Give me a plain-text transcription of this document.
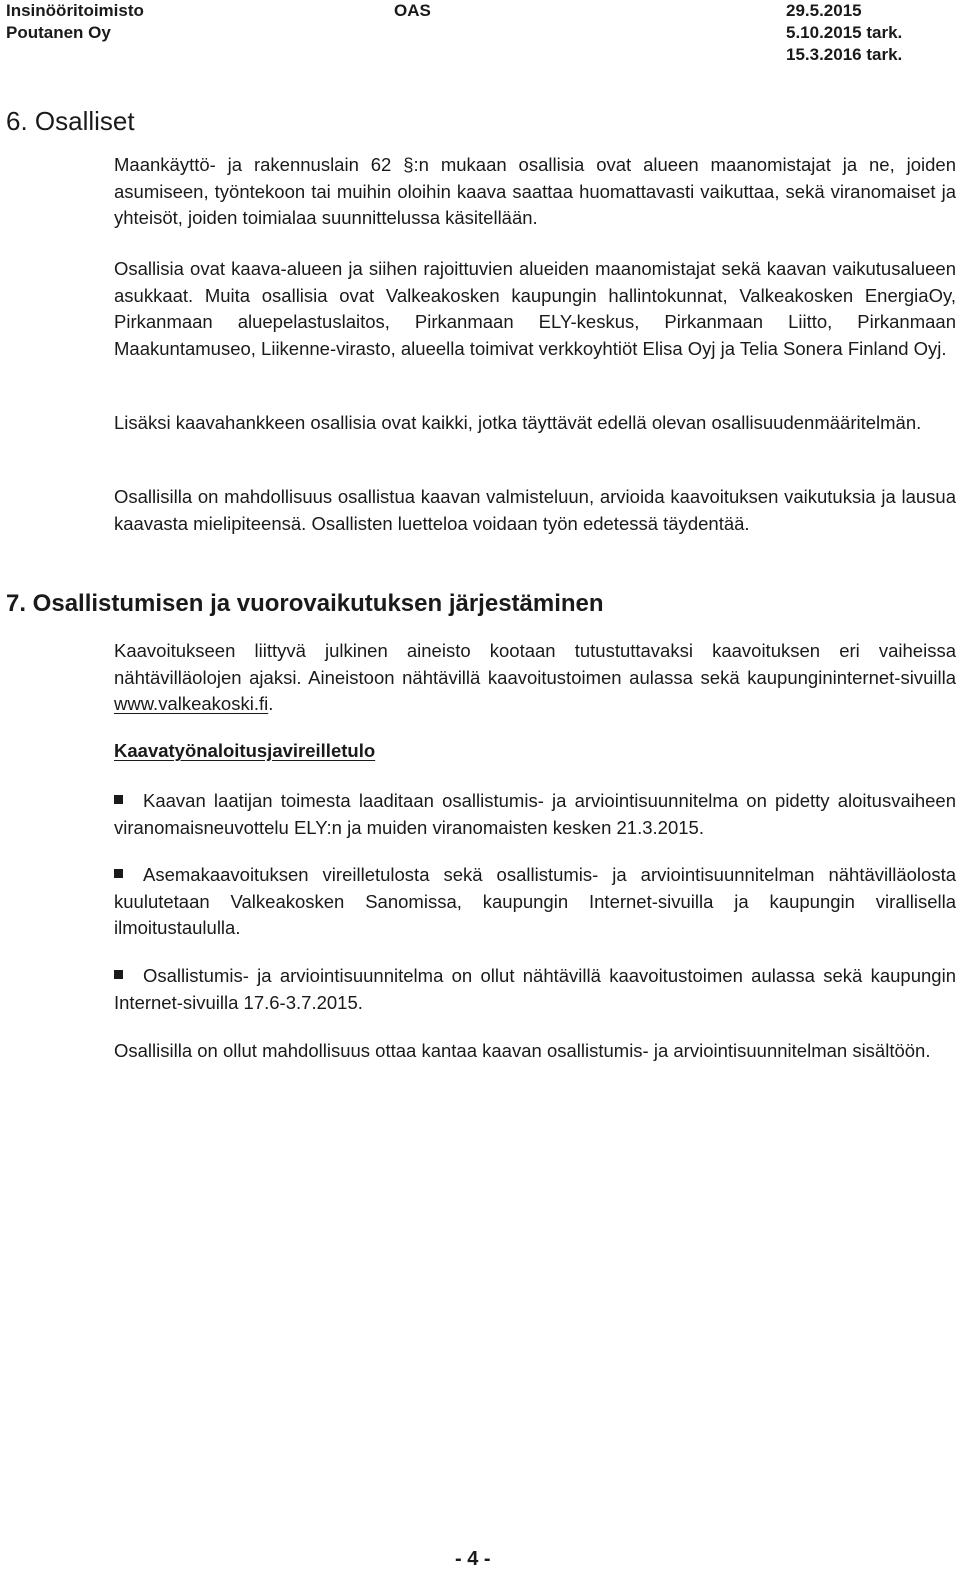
Insinööritoimisto
Poutanen Oy
OAS	29.5.2015
5.10.2015 tark.
15.3.2016 tark.
6. Osalliset

Maankäyttö- ja rakennuslain 62 §:n mukaan osallisia ovat alueen maanomistajat ja ne, joiden asumiseen, työntekoon tai muihin oloihin kaava saattaa huomattavasti vaikuttaa, sekä viranomaiset ja yhteisöt, joiden toimialaa suunnittelussa käsitellään.

Osallisia ovat kaava-alueen ja siihen rajoittuvien alueiden maanomistajat sekä kaavan vaikutusalueen asukkaat. Muita osallisia ovat Valkeakosken kaupungin hallintokunnat, Valkeakosken EnergiaOy, Pirkanmaan aluepelastuslaitos, Pirkanmaan ELY-keskus, Pirkanmaan Liitto, Pirkanmaan Maakuntamuseo, Liikenne-virasto, alueella toimivat verkkoyhtiöt Elisa Oyj ja Telia Sonera Finland Oyj.

Lisäksi kaavahankkeen osallisia ovat kaikki, jotka täyttävät edellä olevan osallisuudenmääritelmän.

Osallisilla on mahdollisuus osallistua kaavan valmisteluun, arvioida kaavoituksen vaikutuksia ja lausua kaavasta mielipiteensä. Osallisten luetteloa voidaan työn edetessä täydentää.

7. Osallistumisen ja vuorovaikutuksen järjestäminen

Kaavoitukseen liittyvä julkinen aineisto kootaan tutustuttavaksi kaavoituksen eri vaiheissa nähtävilläolojen ajaksi. Aineistoon nähtävillä kaavoitustoimen aulassa sekä kaupungininternet-sivuilla www.valkeakoski.fi.

Kaavatyönaloitusjavireilletulo

Kaavan laatijan toimesta laaditaan osallistumis- ja arviointisuunnitelma on pidetty aloitusvaiheen viranomaisneuvottelu ELY:n ja muiden viranomaisten kesken 21.3.2015.

Asemakaavoituksen vireilletulosta sekä osallistumis- ja arviointisuunnitelman nähtävilläolosta kuulutetaan Valkeakosken Sanomissa, kaupungin Internet-sivuilla ja kaupungin virallisella ilmoitustaululla.

Osallistumis- ja arviointisuunnitelma on ollut nähtävillä kaavoitustoimen aulassa sekä kaupungin Internet-sivuilla 17.6-3.7.2015.

Osallisilla on ollut mahdollisuus ottaa kantaa kaavan osallistumis- ja arviointisuunnitelman sisältöön.

- 4 -
